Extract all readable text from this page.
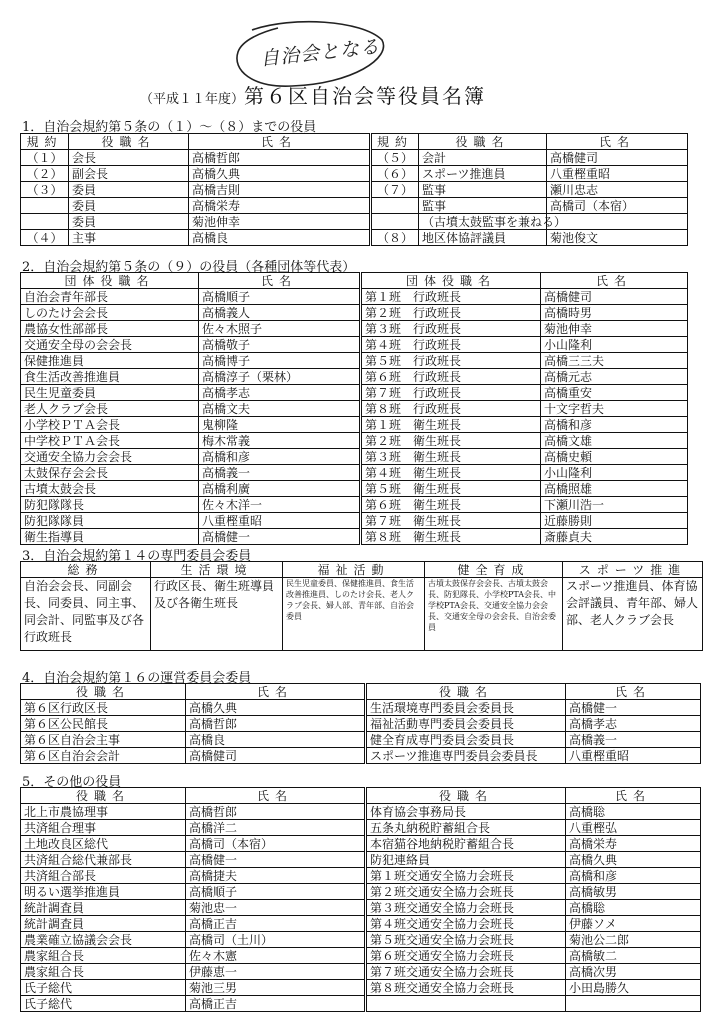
自治会となる
（平成１１年度）第６区自治会等役員名簿
1．自治会規約第５条の（１）～（８）までの役員
規約	役職名	氏名	規約	役職名	氏名
（１）	会長	高橋哲郎	（５）	会計	高橋健司
（２）	副会長	高橋久典	（６）	スポーツ推進員	八重樫重昭
（３）	委員	高橋吉則	（７）	監事	瀬川忠志
	委員	高橋栄寿		監事	高橋司（本宿）
	委員	菊池伸幸		（古墳太鼓監事を兼ねる）	
（４）	主事	高橋良	（８）	地区体協評議員	菊池俊文
2．自治会規約第５条の（９）の役員（各種団体等代表）
団体役職名	氏名	団体役職名	氏名
自治会青年部長	高橋順子	第１班　行政班長	高橋健司
しのたけ会会長	高橋義人	第２班　行政班長	高橋時男
農協女性部部長	佐々木照子	第３班　行政班長	菊池伸幸
交通安全母の会会長	高橋敬子	第４班　行政班長	小山隆利
保健推進員	高橋博子	第５班　行政班長	高橋三三夫
食生活改善推進員	高橋淳子（栗林）	第６班　行政班長	高橋元志
民生児童委員	高橋孝志	第７班　行政班長	高橋重安
老人クラブ会長	高橋文夫	第８班　行政班長	十文字哲夫
小学校ＰＴＡ会長	鬼柳隆	第１班　衛生班長	高橋和彦
中学校ＰＴＡ会長	梅木常義	第２班　衛生班長	高橋文雄
交通安全協力会会長	高橋和彦	第３班　衛生班長	高橋史頼
太鼓保存会会長	高橋義一	第４班　衛生班長	小山隆利
古墳太鼓会長	高橋利廣	第５班　衛生班長	高橋照雄
防犯隊隊長	佐々木洋一	第６班　衛生班長	下瀬川浩一
防犯隊隊員	八重樫重昭	第７班　衛生班長	近藤勝則
衛生指導員	高橋健一	第８班　衛生班長	斎藤貞夫
3．自治会規約第１４の専門委員会委員
総務	生活環境	福祉活動	健全育成	スポーツ推進
自治会会長、同副会長、同委員、同主事、同会計、同監事及び各行政班長	行政区長、衛生班導員及び各衛生班長	民生児童委員、保健推進員、食生活改善推進員、しのたけ会長、老人クラブ会長、婦人部、青年部、自治会委員	古墳太鼓保存会会長、古墳太鼓会長、防犯隊長、小学校PTA会長、中学校PTA会長、交通安全協力会会長、交通安全母の会会長、自治会委員	スポーツ推進員、体育協会評議員、青年部、婦人部、老人クラブ会長
4．自治会規約第１６の運営委員会委員
役職名	氏名	役職名	氏名
第６区行政区長	高橋久典	生活環境専門委員会委員長	高橋健一
第６区公民館長	高橋哲郎	福祉活動専門委員会委員長	高橋孝志
第６区自治会主事	高橋良	健全育成専門委員会委員長	高橋義一
第６区自治会会計	高橋健司	スポーツ推進専門委員会委員長	八重樫重昭
5．その他の役員
役職名	氏名	役職名	氏名
北上市農協理事	高橋哲郎	体育協会事務局長	高橋聡
共済組合理事	高橋洋二	五条丸納税貯蓄組合長	八重樫弘
土地改良区総代	高橋司（本宿）	本宿猫谷地納税貯蓄組合長	高橋栄寿
共済組合総代兼部長	高橋健一	防犯連絡員	高橋久典
共済組合部長	高橋捷夫	第１班交通安全協力会班長	高橋和彦
明るい選挙推進員	高橋順子	第２班交通安全協力会班長	高橋敏男
統計調査員	菊池忠一	第３班交通安全協力会班長	高橋聡
統計調査員	高橋正吉	第４班交通安全協力会班長	伊藤ソメ
農業確立協議会会長	高橋司（土川）	第５班交通安全協力会班長	菊池公二郎
農家組合長	佐々木憲	第６班交通安全協力会班長	高橋敏二
農家組合長	伊藤恵一	第７班交通安全協力会班長	高橋次男
氏子総代	菊池三男	第８班交通安全協力会班長	小田島勝久
氏子総代	高橋正吉		
